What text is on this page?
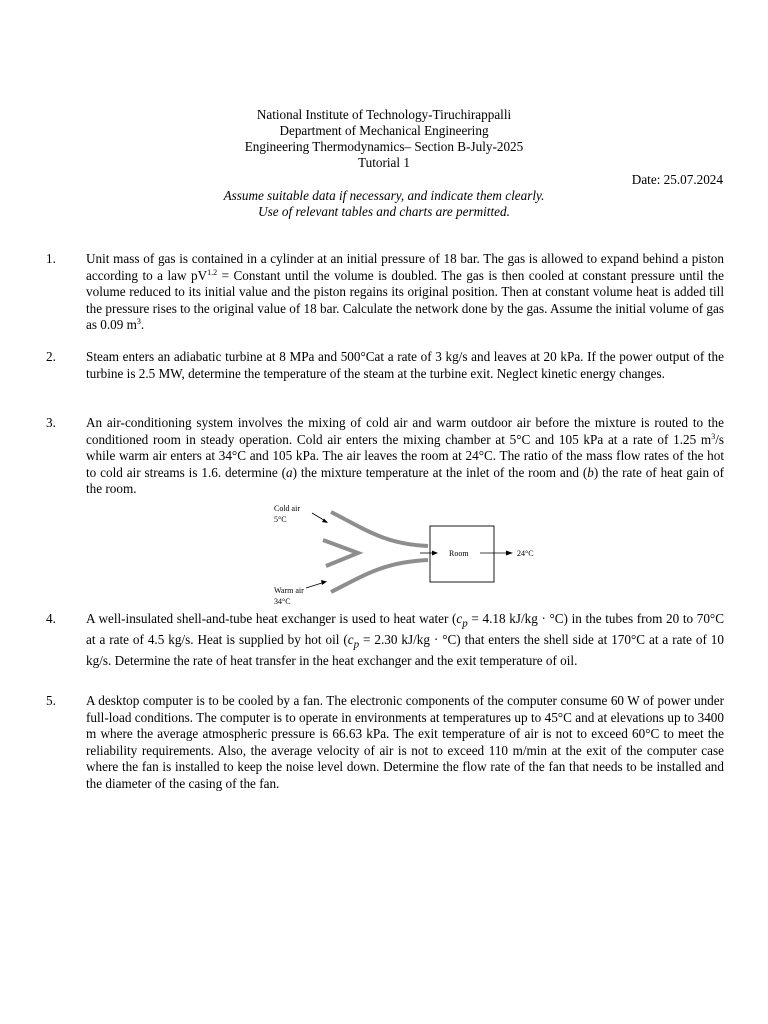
National Institute of Technology-Tiruchirappalli
Department of Mechanical Engineering
Engineering Thermodynamics– Section B-July-2025
Tutorial 1
Date: 25.07.2024
Assume suitable data if necessary, and indicate them clearly.
Use of relevant tables and charts are permitted.
1. Unit mass of gas is contained in a cylinder at an initial pressure of 18 bar. The gas is allowed to expand behind a piston according to a law $pV^{1.2}$ = Constant until the volume is doubled. The gas is then cooled at constant pressure until the volume reduced to its initial value and the piston regains its original position. Then at constant volume heat is added till the pressure rises to the original value of 18 bar. Calculate the network done by the gas. Assume the initial volume of gas as 0.09 $m^3$.
2. Steam enters an adiabatic turbine at 8 MPa and 500°Cat a rate of 3 kg/s and leaves at 20 kPa. If the power output of the turbine is 2.5 MW, determine the temperature of the steam at the turbine exit. Neglect kinetic energy changes.
3. An air-conditioning system involves the mixing of cold air and warm outdoor air before the mixture is routed to the conditioned room in steady operation. Cold air enters the mixing chamber at 5°C and 105 kPa at a rate of 1.25 $m^3/s$ while warm air enters at 34°C and 105 kPa. The air leaves the room at 24°C. The ratio of the mass flow rates of the hot to cold air streams is 1.6. determine (a) the mixture temperature at the inlet of the room and (b) the rate of heat gain of the room.
Cold air
5°C
Room	24°C
Warm air
34°C
4. A well-insulated shell-and-tube heat exchanger is used to heat water ($c_p = 4.18$ kJ/kg · °C) in the tubes from 20 to 70°C at a rate of 4.5 kg/s. Heat is supplied by hot oil ($c_p = 2.30$ kJ/kg · °C) that enters the shell side at 170°C at a rate of 10 kg/s. Determine the rate of heat transfer in the heat exchanger and the exit temperature of oil.
5. A desktop computer is to be cooled by a fan. The electronic components of the computer consume 60 W of power under full-load conditions. The computer is to operate in environments at temperatures up to 45°C and at elevations up to 3400 m where the average atmospheric pressure is 66.63 kPa. The exit temperature of air is not to exceed 60°C to meet the reliability requirements. Also, the average velocity of air is not to exceed 110 m/min at the exit of the computer case where the fan is installed to keep the noise level down. Determine the flow rate of the fan that needs to be installed and the diameter of the casing of the fan.
